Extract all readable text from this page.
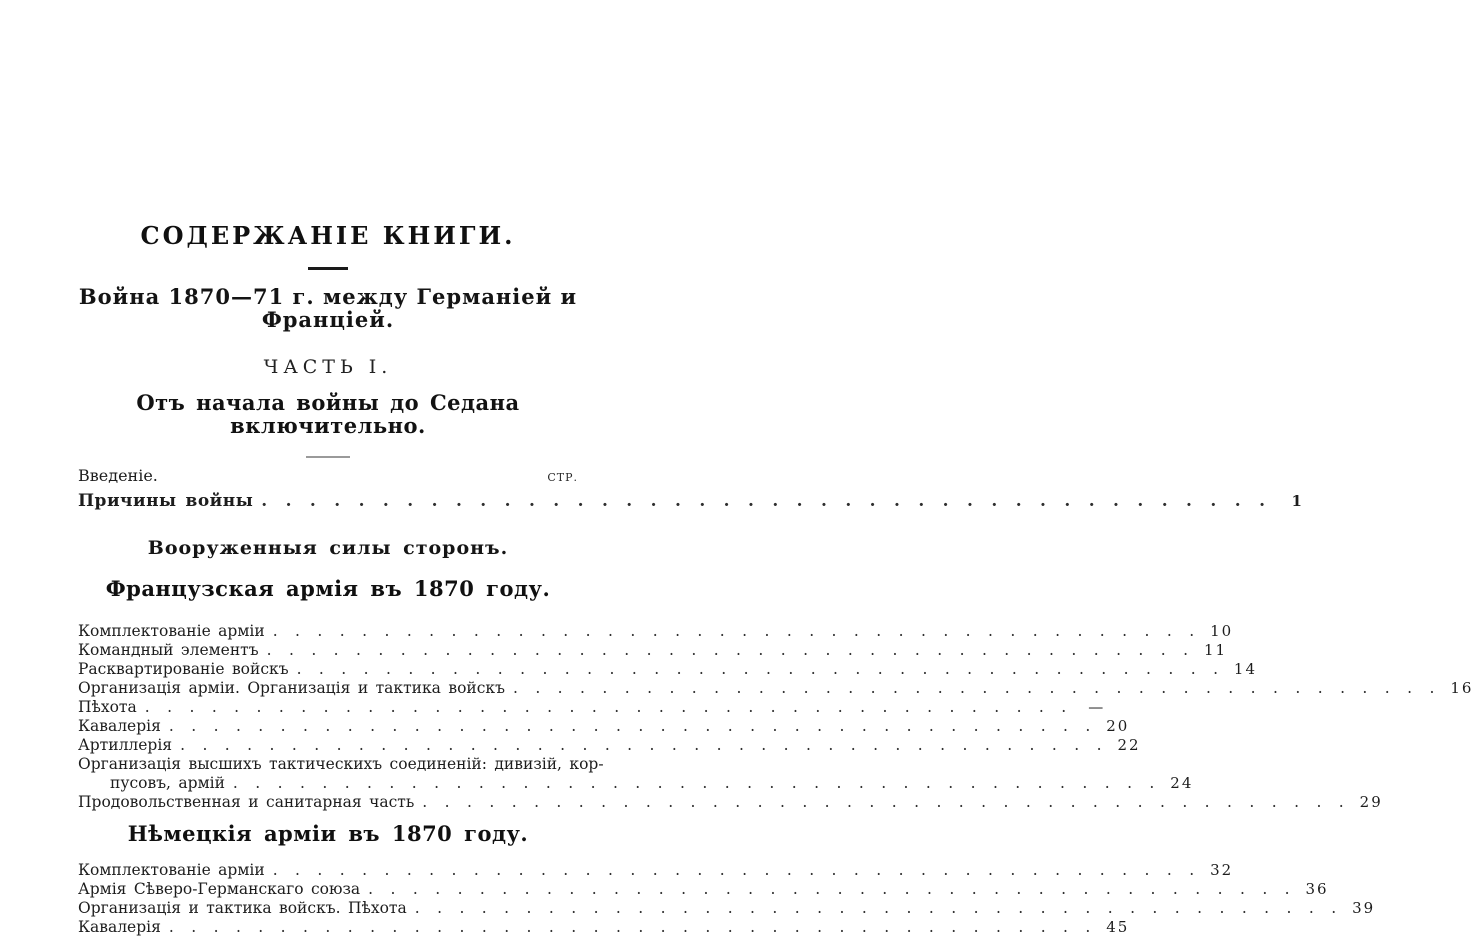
СОДЕРЖАНІЕ КНИГИ.
Война 1870—71 г. между Германіей и Франціей.
ЧАСТЬ I.
Отъ начала войны до Седана включительно.
Введеніе.	СТР.
Причины войны . . .	1
Вооруженныя силы сторонъ.
Французская армія въ 1870 году.
Комплектованіе арміи . . .	10
Командный элементъ . . .	11
Расквартированіе войскъ . . .	14
Организація арміи. Организація и тактика войскъ . . .	16
Пѣхота . . .	—
Кавалерія . . .	20
Артиллерія . . .	22
Организація высшихъ тактическихъ соединеній: дивизій, кор-
пусовъ, армій . . .	24
Продовольственная и санитарная часть . . .	29
Нѣмецкія арміи въ 1870 году.
Комплектованіе арміи . . .	32
Армія Сѣверо-Германскаго союза . . .	36
Организація и тактика войскъ. Пѣхота . . .	39
Кавалерія . . .	45
